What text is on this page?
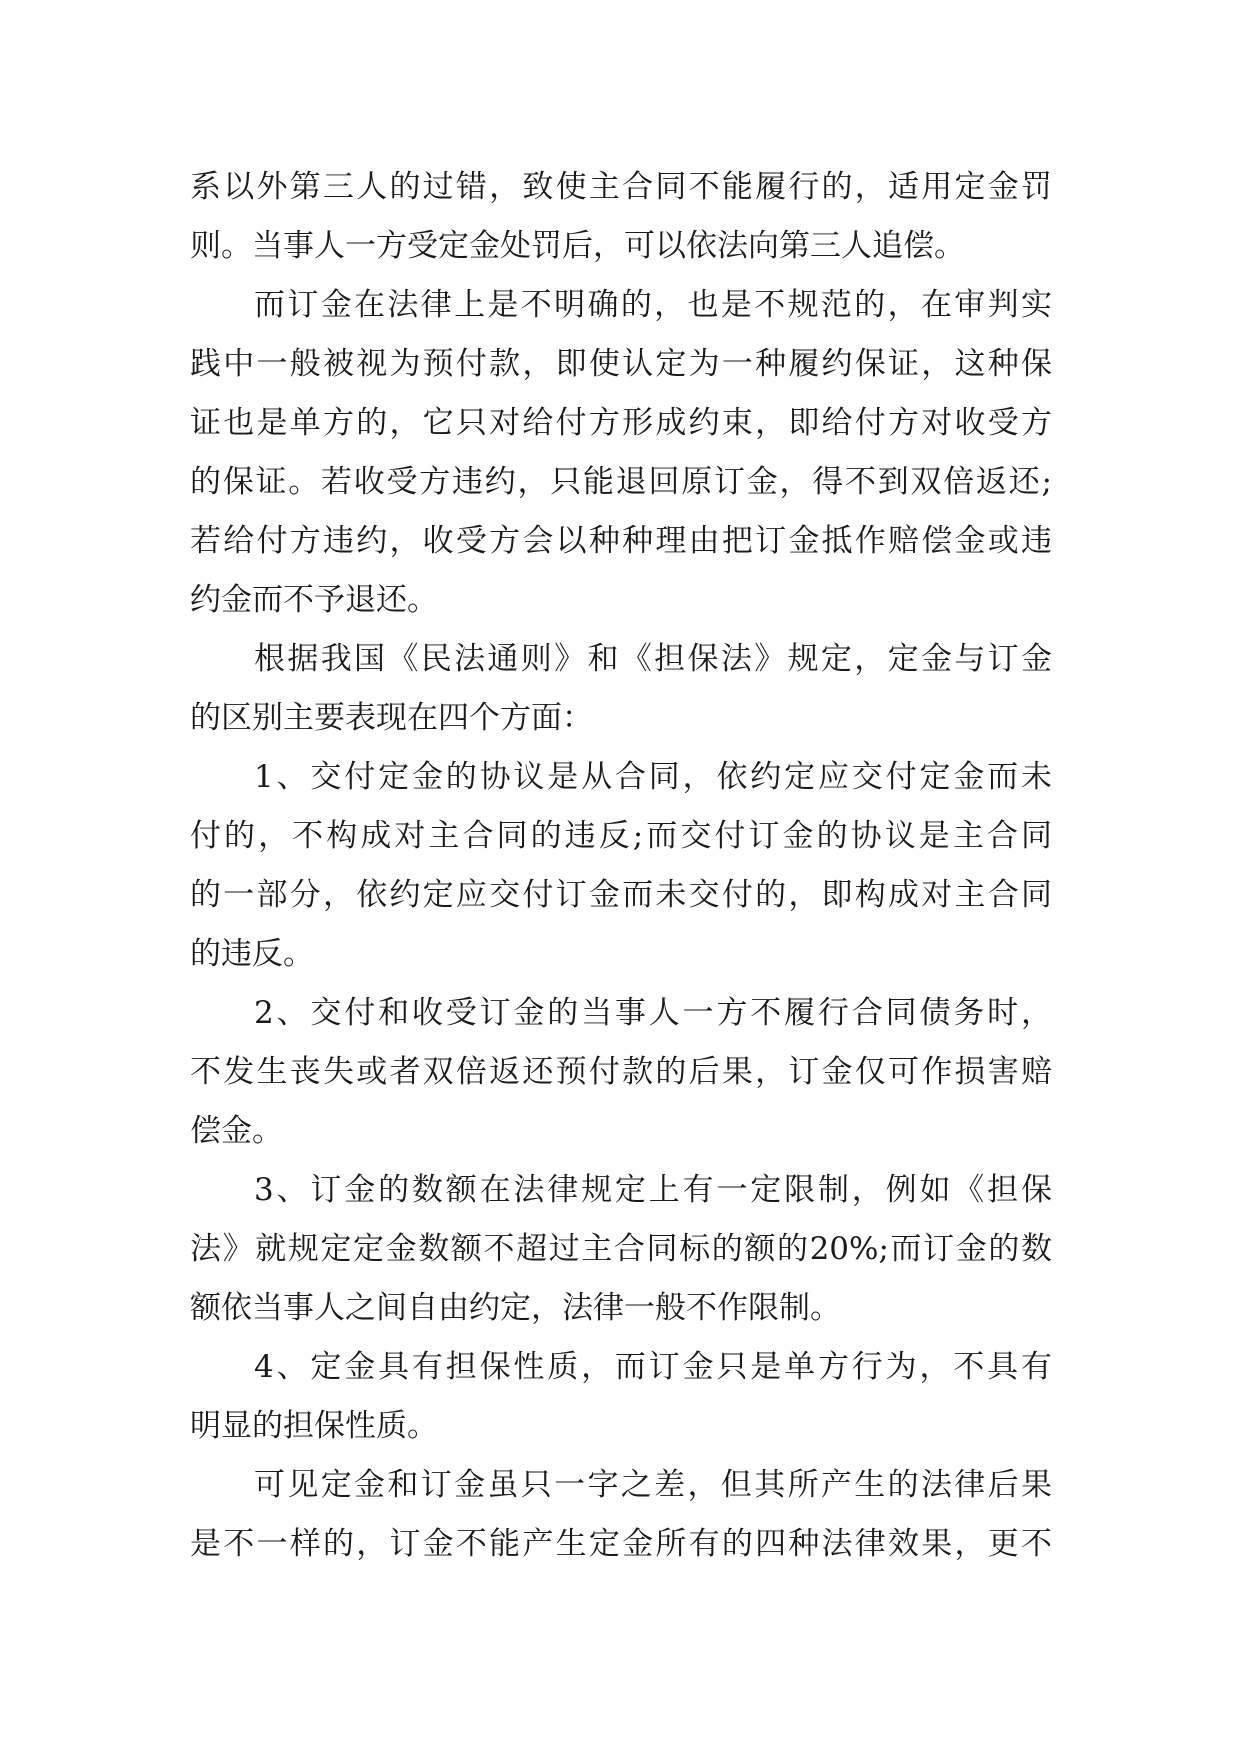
系以外第三人的过错，致使主合同不能履行的，适用定金罚
则。当事人一方受定金处罚后，可以依法向第三人追偿。
而订金在法律上是不明确的，也是不规范的，在审判实
践中一般被视为预付款，即使认定为一种履约保证，这种保
证也是单方的，它只对给付方形成约束，即给付方对收受方
的保证。若收受方违约，只能退回原订金，得不到双倍返还;
若给付方违约，收受方会以种种理由把订金抵作赔偿金或违
约金而不予退还。
根据我国《民法通则》和《担保法》规定，定金与订金
的区别主要表现在四个方面：
1、交付定金的协议是从合同，依约定应交付定金而未
付的，不构成对主合同的违反;而交付订金的协议是主合同
的一部分，依约定应交付订金而未交付的，即构成对主合同
的违反。
2、交付和收受订金的当事人一方不履行合同债务时，
不发生丧失或者双倍返还预付款的后果，订金仅可作损害赔
偿金。
3、订金的数额在法律规定上有一定限制，例如《担保
法》就规定定金数额不超过主合同标的额的20%;而订金的数
额依当事人之间自由约定，法律一般不作限制。
4、定金具有担保性质，而订金只是单方行为，不具有
明显的担保性质。
可见定金和订金虽只一字之差，但其所产生的法律后果
是不一样的，订金不能产生定金所有的四种法律效果，更不
